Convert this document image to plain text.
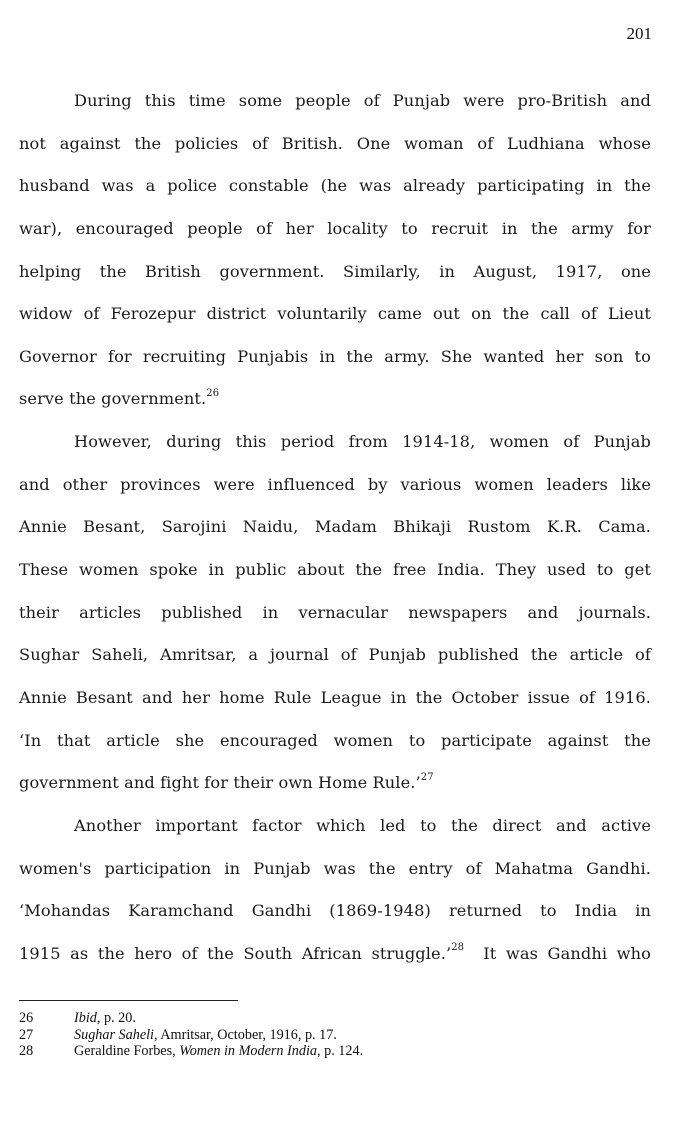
201
During this time some people of Punjab were pro-British and
not against the policies of British. One woman of Ludhiana whose
husband was a police constable (he was already participating in the
war), encouraged people of her locality to recruit in the army for
helping the British government. Similarly, in August, 1917, one
widow of Ferozepur district voluntarily came out on the call of Lieut
Governor for recruiting Punjabis in the army. She wanted her son to
serve the government.$^{26}$
However, during this period from 1914-18, women of Punjab
and other provinces were influenced by various women leaders like
Annie Besant, Sarojini Naidu, Madam Bhikaji Rustom K.R. Cama.
These women spoke in public about the free India. They used to get
their articles published in vernacular newspapers and journals.
Sughar Saheli, Amritsar, a journal of Punjab published the article of
Annie Besant and her home Rule League in the October issue of 1916.
‘In that article she encouraged women to participate against the
government and fight for their own Home Rule.’$^{27}$
Another important factor which led to the direct and active
women's participation in Punjab was the entry of Mahatma Gandhi.
‘Mohandas Karamchand Gandhi (1869-1948) returned to India in
1915 as the hero of the South African struggle.’$^{28}$  It was Gandhi who
26	Ibid, p. 20.
27	Sughar Saheli, Amritsar, October, 1916, p. 17.
28	Geraldine Forbes, Women in Modern India, p. 124.
